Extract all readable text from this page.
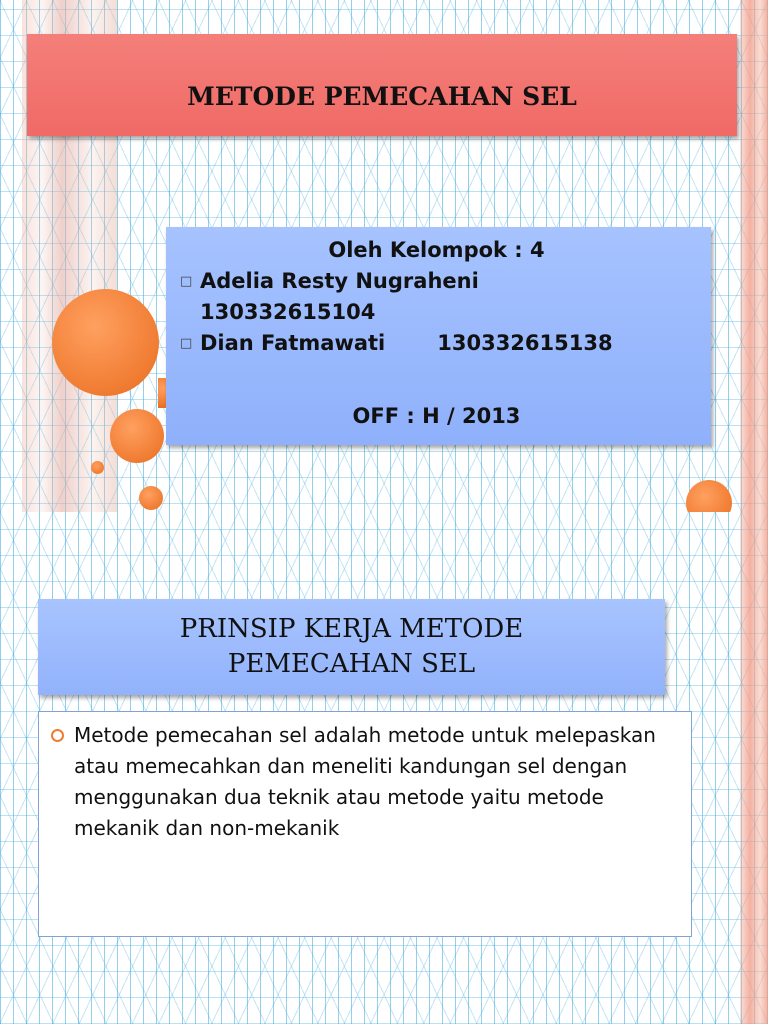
METODE PEMECAHAN SEL
Oleh Kelompok : 4
□ Adelia Resty Nugraheni
130332615104
□ Dian Fatmawati 130332615138
OFF : H / 2013
PRINSIP KERJA METODE
PEMECAHAN SEL
Metode pemecahan sel adalah metode untuk melepaskan atau memecahkan dan meneliti kandungan sel dengan menggunakan dua teknik atau metode yaitu metode mekanik dan non-mekanik
